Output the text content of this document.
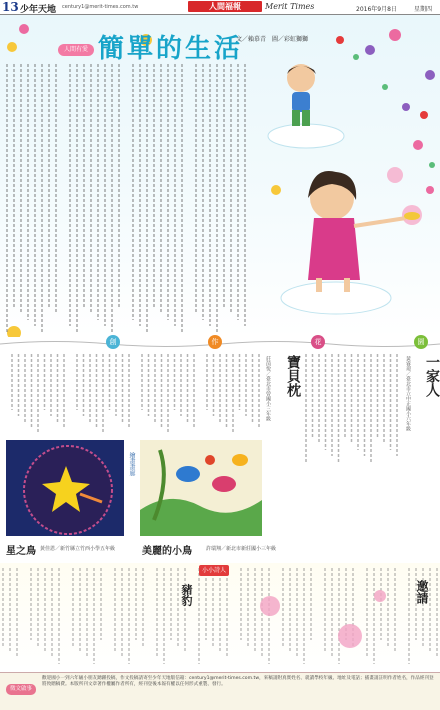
13 少年天地 century1@merit-times.com.tw	人間福報	Merit Times	2016年9月8日	星期四
人間有愛 簡單的生活
文／賴慕青　圖／彩虹獅獅
創	作	花	園
寶貝枕
莊茵悅／臺北市曾國小三年級	一家人
黃睿璟／臺北市立中正國小六年級
繪畫畫廊
星之鳥 黃佳恩／新竹縣立竹西小學五年級	美麗的小鳥	許瑞翔／新北市新莊國小三年級
小小詩人
豬豹	邀請
徵文啟事
歡迎國小一到六年級小朋友踴躍投稿，作文投稿請寄至少年天地版信箱：century1@merit-times.com.tw，來稿請附真實姓名、就讀學校年級、地址及電話；插畫請註明作者姓名，作品經刊登將致贈稿費。本版所刊文章著作權屬作者所有，經刊登後本報有權以任何形式重製、發行。
